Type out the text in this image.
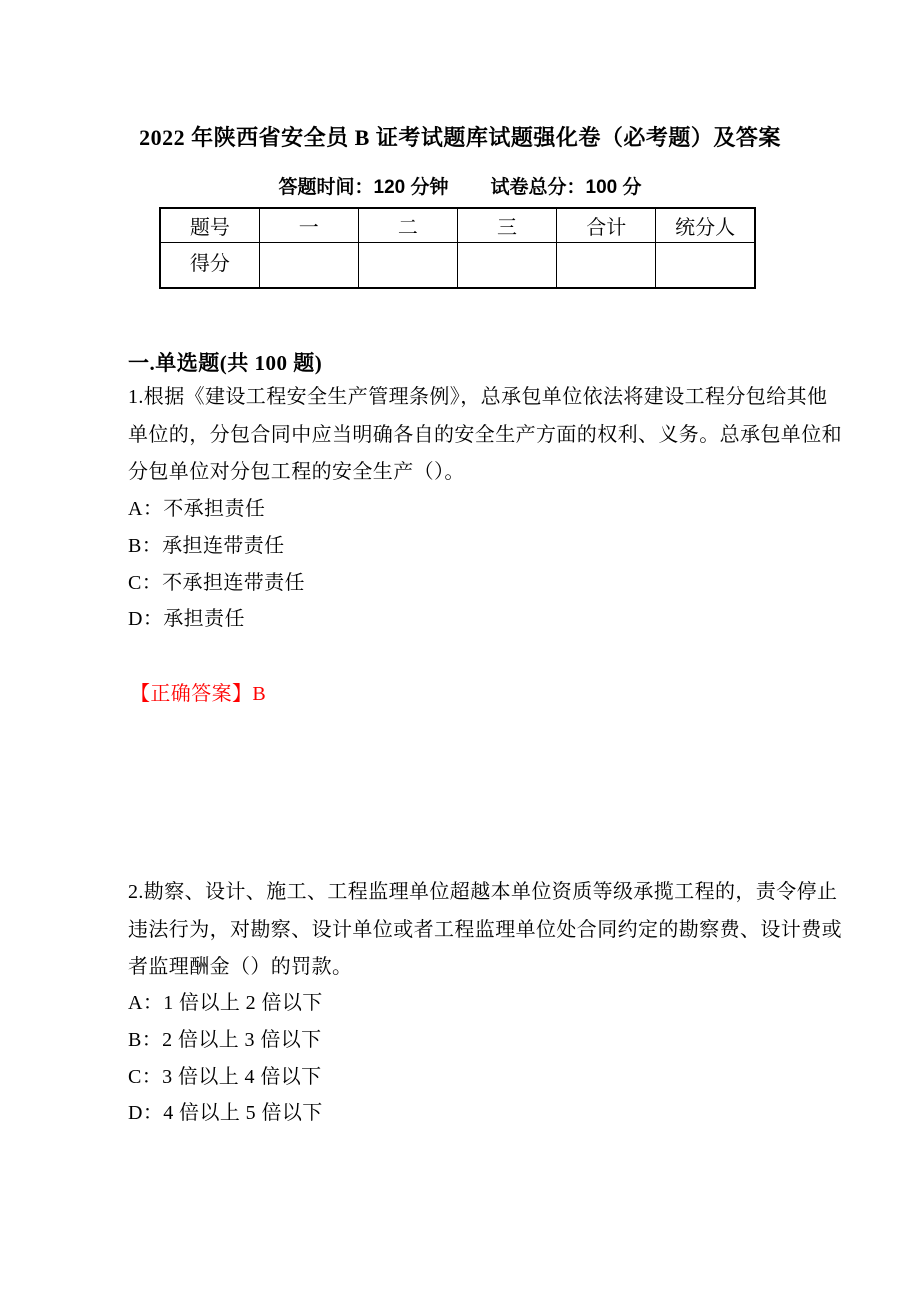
2022 年陕西省安全员 B 证考试题库试题强化卷（必考题）及答案
答题时间：120 分钟 试卷总分：100 分
题号	一	二	三	合计	统分人
得分					
一.单选题(共 100 题)
1.根据《建设工程安全生产管理条例》，总承包单位依法将建设工程分包给其他
单位的，分包合同中应当明确各自的安全生产方面的权利、义务。总承包单位和
分包单位对分包工程的安全生产（）。
A：不承担责任
B：承担连带责任
C：不承担连带责任
D：承担责任
【正确答案】B
2.勘察、设计、施工、工程监理单位超越本单位资质等级承揽工程的，责令停止
违法行为，对勘察、设计单位或者工程监理单位处合同约定的勘察费、设计费或
者监理酬金（）的罚款。
A：1 倍以上 2 倍以下
B：2 倍以上 3 倍以下
C：3 倍以上 4 倍以下
D：4 倍以上 5 倍以下
